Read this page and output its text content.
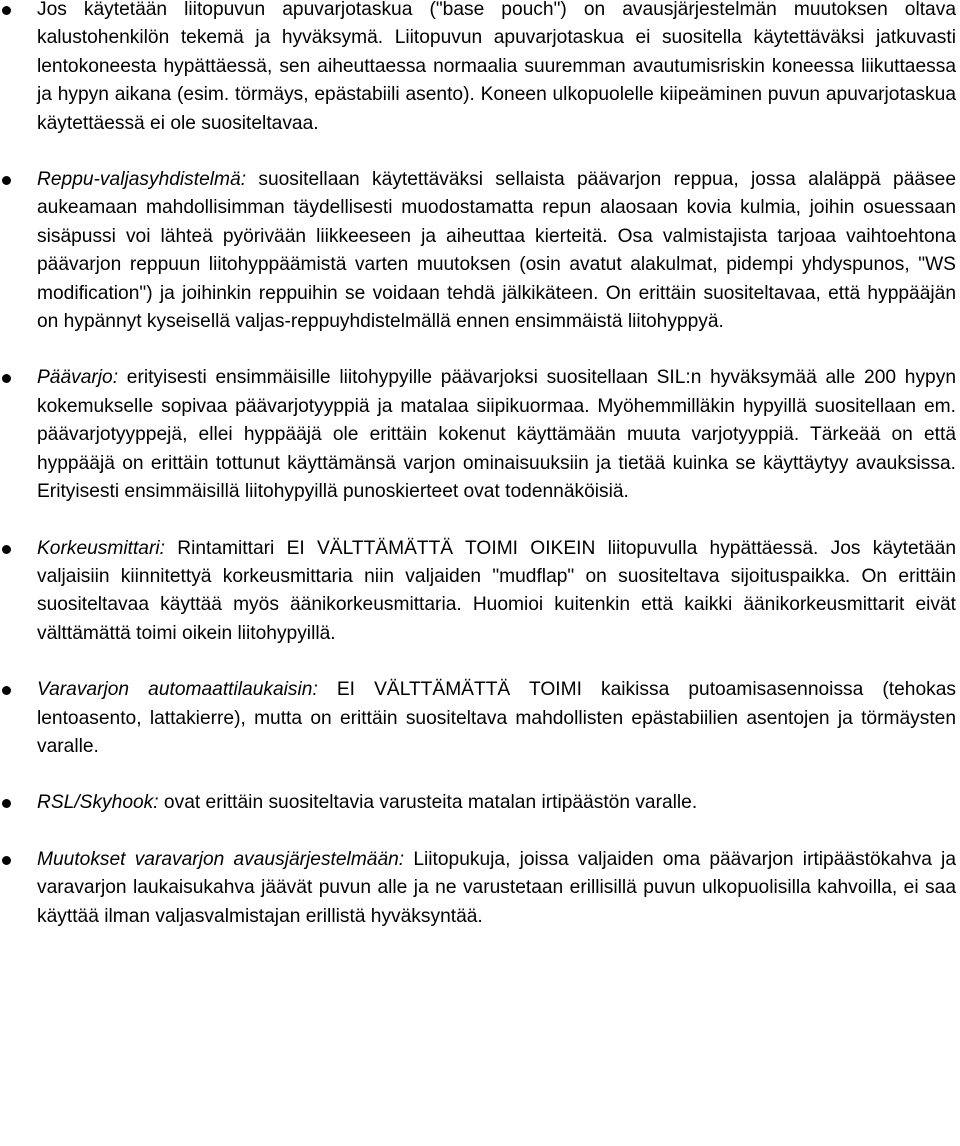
Jos käytetään liitopuvun apuvarjotaskua ("base pouch") on avausjärjestelmän muutoksen oltava kalustohenkilön tekemä ja hyväksymä. Liitopuvun apuvarjotaskua ei suositella käytettäväksi jatkuvasti lentokoneesta hypättäessä, sen aiheuttaessa normaalia suuremman avautumisriskin koneessa liikuttaessa ja hypyn aikana (esim. törmäys, epästabiili asento). Koneen ulkopuolelle kiipeäminen puvun apuvarjotaskua käytettäessä ei ole suositeltavaa.
Reppu-valjasyhdistelmä: suositellaan käytettäväksi sellaista päävarjon reppua, jossa alaläppä pääsee aukeamaan mahdollisimman täydellisesti muodostamatta repun alaosaan kovia kulmia, joihin osuessaan sisäpussi voi lähteä pyörivään liikkeeseen ja aiheuttaa kierteitä. Osa valmistajista tarjoaa vaihtoehtona päävarjon reppuun liitohyppäämistä varten muutoksen (osin avatut alakulmat, pidempi yhdyspunos, "WS modification") ja joihinkin reppuihin se voidaan tehdä jälkikäteen. On erittäin suositeltavaa, että hyppääjän on hypännyt kyseisellä valjas-reppuyhdistelmällä ennen ensimmäistä liitohyppyä.
Päävarjo: erityisesti ensimmäisille liitohypyille päävarjoksi suositellaan SIL:n hyväksymää alle 200 hypyn kokemukselle sopivaa päävarjotyyppiä ja matalaa siipikuormaa. Myöhemmilläkin hypyillä suositellaan em. päävarjotyyppejä, ellei hyppääjä ole erittäin kokenut käyttämään muuta varjotyyppiä. Tärkeää on että hyppääjä on erittäin tottunut käyttämänsä varjon ominaisuuksiin ja tietää kuinka se käyttäytyy avauksissa. Erityisesti ensimmäisillä liitohypyillä punoskierteet ovat todennäköisiä.
Korkeusmittari: Rintamittari EI VÄLTTÄMÄTTÄ TOIMI OIKEIN liitopuvulla hypättäessä. Jos käytetään valjaisiin kiinnitettyä korkeusmittaria niin valjaiden "mudflap" on suositeltava sijoituspaikka. On erittäin suositeltavaa käyttää myös äänikorkeusmittaria. Huomioi kuitenkin että kaikki äänikorkeusmittarit eivät välttämättä toimi oikein liitohypyillä.
Varavarjon automaattilaukaisin: EI VÄLTTÄMÄTTÄ TOIMI kaikissa putoamisasennoissa (tehokas lentoasento, lattakierre), mutta on erittäin suositeltava mahdollisten epästabiilien asentojen ja törmäysten varalle.
RSL/Skyhook: ovat erittäin suositeltavia varusteita matalan irtipäästön varalle.
Muutokset varavarjon avausjärjestelmään: Liitopukuja, joissa valjaiden oma päävarjon irtipäästökahva ja varavarjon laukaisukahva jäävät puvun alle ja ne varustetaan erillisillä puvun ulkopuolisilla kahvoilla, ei saa käyttää ilman valjasvalmistajan erillistä hyväksyntää.
